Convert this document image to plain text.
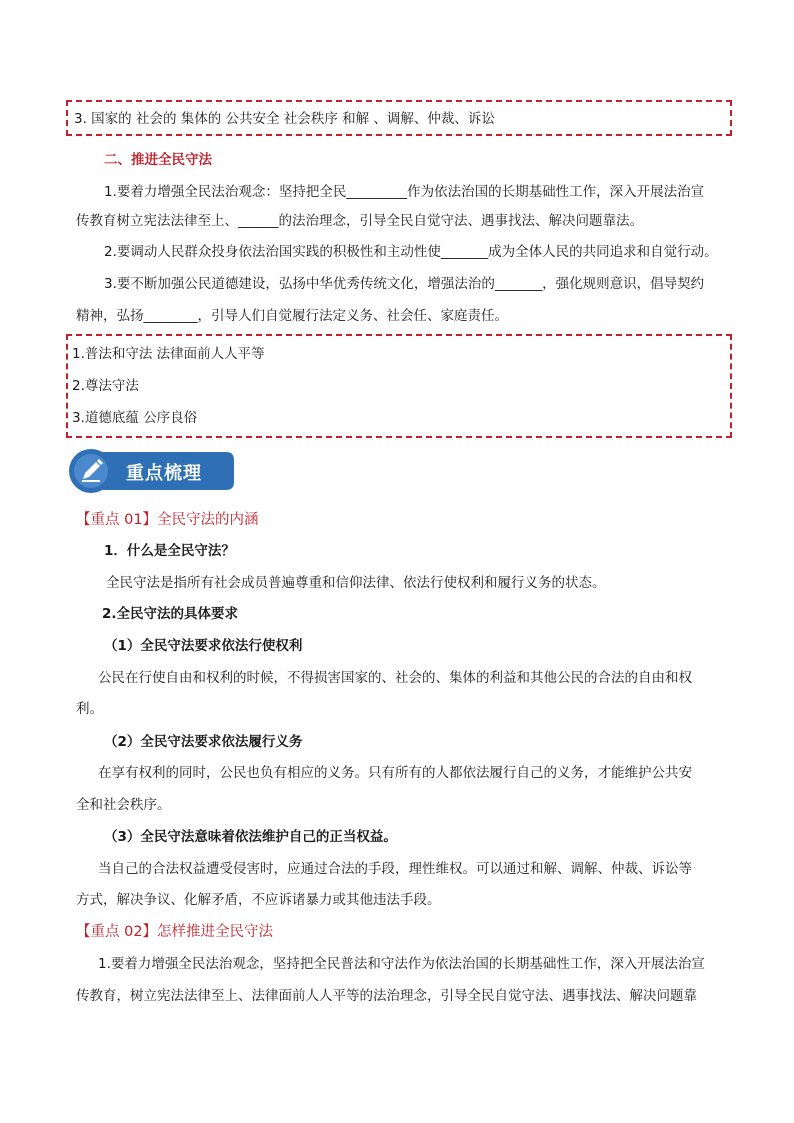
3. 国家的 社会的 集体的 公共安全 社会秩序 和解 、调解、仲裁、诉讼
二、推进全民守法
1.要着力增强全民法治观念：坚持把全民_________作为依法治国的长期基础性工作，深入开展法治宣
传教育树立宪法法律至上、______的法治理念，引导全民自觉守法、遇事找法、解决问题靠法。
2.要调动人民群众投身依法治国实践的积极性和主动性使_______成为全体人民的共同追求和自觉行动。
3.要不断加强公民道德建设，弘扬中华优秀传统文化，增强法治的_______，强化规则意识，倡导契约
精神，弘扬________，引导人们自觉履行法定义务、社会任、家庭责任。
1.普法和守法 法律面前人人平等
2.尊法守法
3.道德底蕴 公序良俗
重点梳理
【重点 01】全民守法的内涵
1．什么是全民守法？
全民守法是指所有社会成员普遍尊重和信仰法律、依法行使权利和履行义务的状态。
2.全民守法的具体要求
（1）全民守法要求依法行使权利
公民在行使自由和权利的时候，不得损害国家的、社会的、集体的利益和其他公民的合法的自由和权
利。
（2）全民守法要求依法履行义务
在享有权利的同时，公民也负有相应的义务。只有所有的人都依法履行自己的义务，才能维护公共安
全和社会秩序。
（3）全民守法意味着依法维护自己的正当权益。
当自己的合法权益遭受侵害时，应通过合法的手段，理性维权。可以通过和解、调解、仲裁、诉讼等
方式，解决争议、化解矛盾，不应诉诸暴力或其他违法手段。
【重点 02】怎样推进全民守法
1.要着力增强全民法治观念，坚持把全民普法和守法作为依法治国的长期基础性工作，深入开展法治宣
传教育，树立宪法法律至上、法律面前人人平等的法治理念，引导全民自觉守法、遇事找法、解决问题靠
